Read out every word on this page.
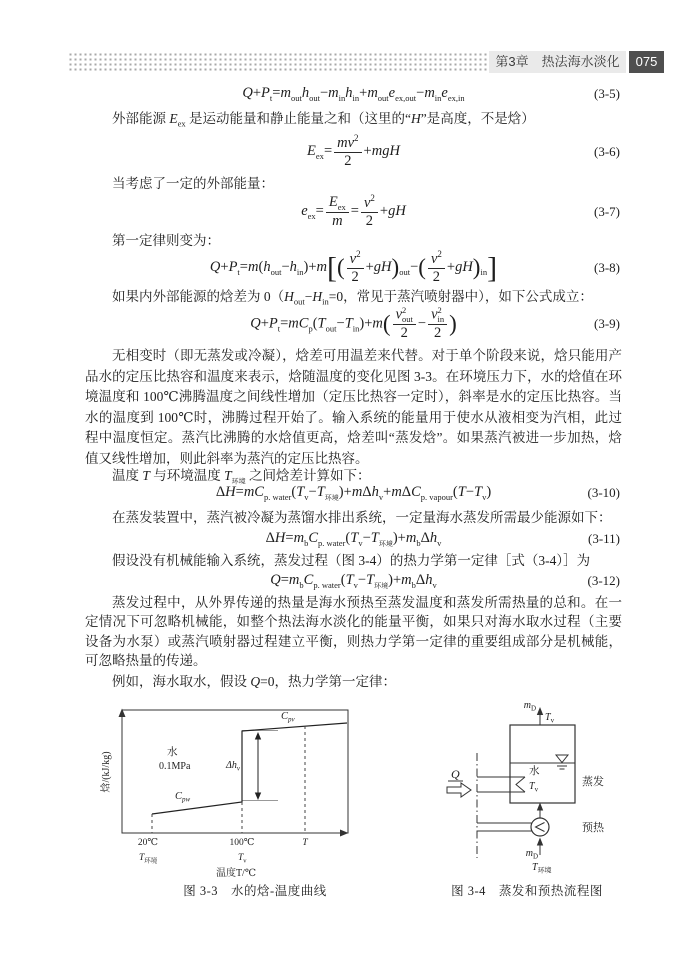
第3章　热法海水淡化	075
$Q+P_t=m_{out}h_{out}-m_{in}h_{in}+m_{out}e_{ex,out}-m_{in}e_{ex,in}$	(3-5)
外部能源 $E_{ex}$ 是运动能量和静止能量之和（这里的“H”是高度，不是焓）
$E_{ex}= \frac{mv^2}{2} +mgH$	(3-6)
当考虑了一定的外部能量：
$e_{ex}=$
$E_{ex}$
m
= $\frac{v^2}{2} +gH$	(3-7)
第一定律则变为：
$Q+P_t=m(h_{out}-h_{in})+m[( \frac{v^2}{2} +gH)_{out}-( \frac{v^2}{2} +gH)_{in}]$	(3-8)
如果内外部能源的焓差为 $0(H_{out}-H_{in}=0$，常见于蒸汽喷射器中），如下公式成立：
$Q+P_t=mC_p(T_{out}-T_{in})+m$( v 2
out
2
− v 2
in
2 )	(3-9)
无相变时（即无蒸发或冷凝），焓差可用温差来代替。对于单个阶段来说，焓只能用产品水的定压比热容和温度来表示，焓随温度的变化见图 3-3。在环境压力下，水的焓值在环境温度和 100℃沸腾温度之间线性增加（定压比热容一定时），斜率是水的定压比热容。当水的温度到 100℃时，沸腾过程开始了。输入系统的能量用于使水从液相变为汽相，此过程中温度恒定。蒸汽比沸腾的水焓值更高，焓差叫“蒸发焓”。如果蒸汽被进一步加热，焓值又线性增加，则此斜率为蒸汽的定压比热容。
温度 T 与环境温度 $T_{环境}$ 之间焓差计算如下：
$\Delta H=mC_{p. water}(T_v-T_{环境})+m\Delta h_v+m\Delta C_{p. vapour}(T-T_v)$	(3-10)
在蒸发装置中，蒸汽被冷凝为蒸馏水排出系统，一定量海水蒸发所需最少能源如下：
$\Delta H=m_bC_{p. water}(T_v-T_{环境})+m_b\Delta h_v$	(3-11)
假设没有机械能输入系统，蒸发过程（图 3-4）的热力学第一定律［式（3-4）］为
$Q=m_bC_{p. water}(T_v-T_{环境})+m_b\Delta h_v$	(3-12)
蒸发过程中，从外界传递的热量是海水预热至蒸发温度和蒸发所需热量的总和。在一定情况下可忽略机械能，如整个热法海水淡化的能量平衡，如果只对海水取水过程（主要设备为水泵）或蒸汽喷射器过程建立平衡，则热力学第一定律的重要组成部分是机械能，可忽略热量的传递。
例如，海水取水，假设 Q=0，热力学第一定律：
焓/(kJ/kg)	水
0.1MPa
$C_{pw}$
$C_{pv}$
$\Delta h_v$
20℃
$T_{环境}$
100℃
$T_v$
T
温度T/℃
图 3-3　水的焓-温度曲线
Q
$m_D$
$T_v$
水
$T_v$
蒸发
预热
$m_D$
$T_{环境}$
图 3-4　蒸发和预热流程图
